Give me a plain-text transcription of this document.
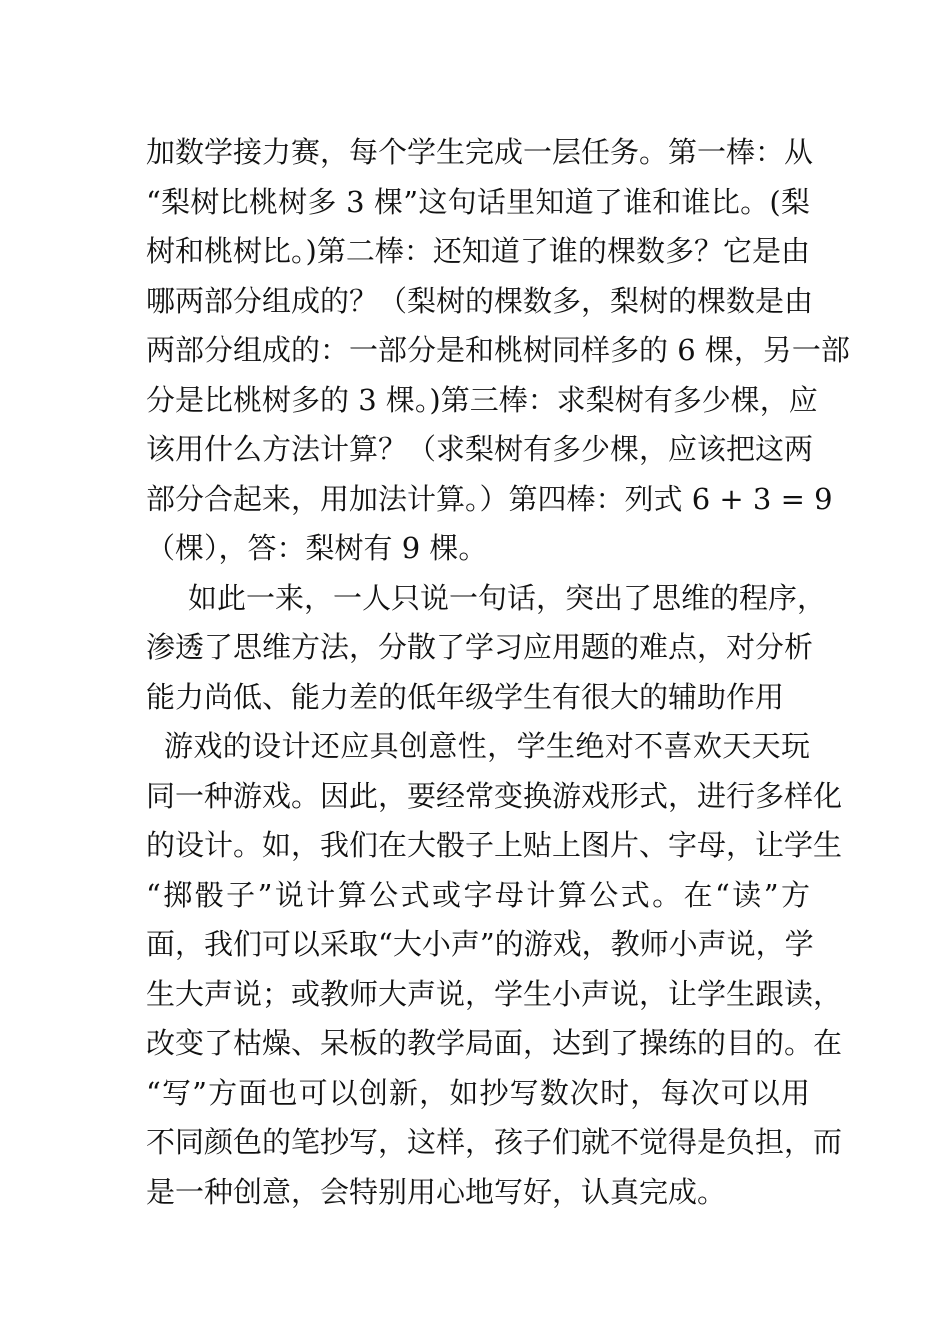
加数学接力赛，每个学生完成一层任务。第一棒：从
“梨树比桃树多 3 棵”这句话里知道了谁和谁比。(梨
树和桃树比。)第二棒：还知道了谁的棵数多？它是由
哪两部分组成的？（梨树的棵数多，梨树的棵数是由
两部分组成的：一部分是和桃树同样多的 6 棵，另一部
分是比桃树多的 3 棵。)第三棒：求梨树有多少棵，应
该用什么方法计算？（求梨树有多少棵，应该把这两
部分合起来，用加法计算。）第四棒：列式 6 + 3 = 9
（棵），答：梨树有 9 棵。
如此一来，一人只说一句话，突出了思维的程序，
渗透了思维方法，分散了学习应用题的难点，对分析
能力尚低、能力差的低年级学生有很大的辅助作用
游戏的设计还应具创意性，学生绝对不喜欢天天玩
同一种游戏。因此，要经常变换游戏形式，进行多样化
的设计。如，我们在大骰子上贴上图片、字母，让学生
“掷骰子”说计算公式或字母计算公式。在“读”方
面，我们可以采取“大小声”的游戏，教师小声说，学
生大声说；或教师大声说，学生小声说，让学生跟读，
改变了枯燥、呆板的教学局面，达到了操练的目的。在
“写”方面也可以创新，如抄写数次时，每次可以用
不同颜色的笔抄写，这样，孩子们就不觉得是负担，而
是一种创意，会特别用心地写好，认真完成。
